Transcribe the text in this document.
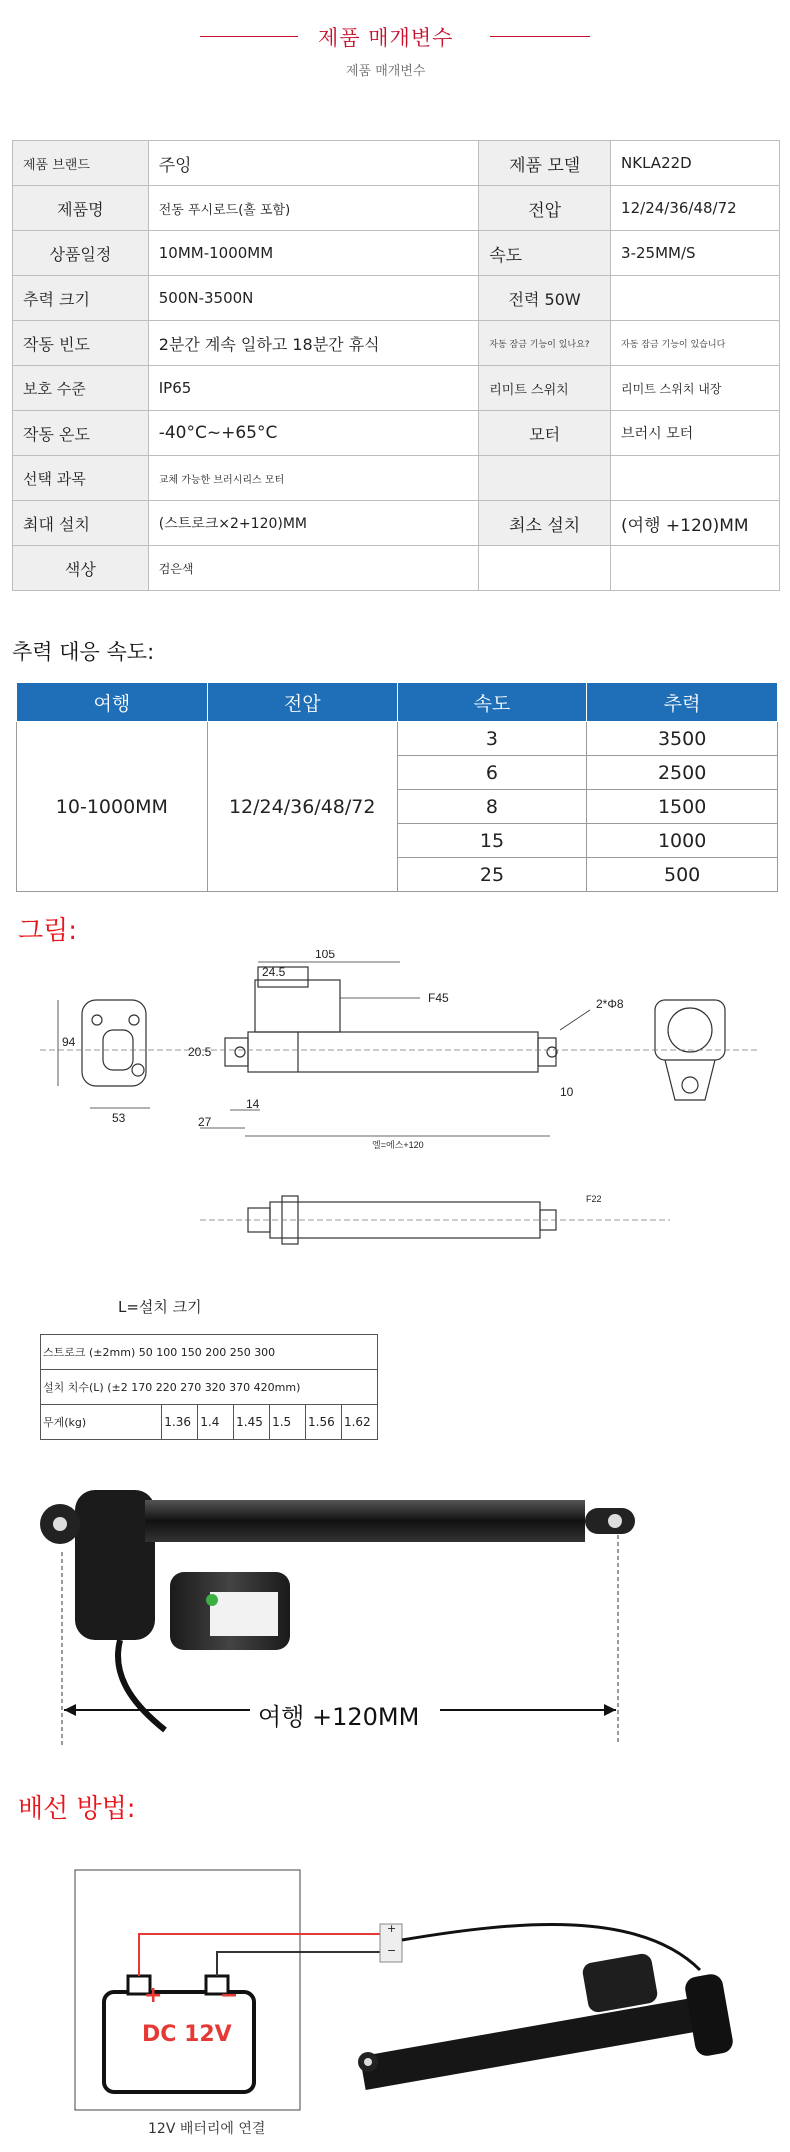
제품 매개변수
제품 매개변수
제품 브랜드	주잉	제품 모델	NKLA22D
제품명	전동 푸시로드(홀 포함)	전압	12/24/36/48/72
상품일정	10MM-1000MM	속도	3-25MM/S
추력 크기	500N-3500N	전력 50W	
작동 빈도	2분간 계속 일하고 18분간 휴식	자동 잠금 기능이 있나요?	자동 잠금 기능이 있습니다
보호 수준	IP65	리미트 스위치	리미트 스위치 내장
작동 온도	-40°C~+65°C	모터	브러시 모터
선택 과목	교체 가능한 브러시리스 모터		
최대 설치	(스트로크×2+120)MM	최소 설치	(여행 +120)MM
색상	검은색		
추력 대응 속도:
여행	전압	속도	추력
10-1000MM	12/24/36/48/72	3	3500
		6	2500
		8	1500
		15	1000
		25	500
그림:
94
53
105
24.5
F45	2*Φ8
20.5
14
27
10
엘=에스+120
F22
L=설치 크기
스트로크 (±2mm) 50 100 150 200 250 300
설치 치수(L) (±2 170 220 270 320 370 420mm)
무게(kg)	1.36	1.4	1.45	1.5	1.56	1.62
여행 +120MM
배선 방법:
+	−
DC 12V
+
−
12V 배터리에 연결
